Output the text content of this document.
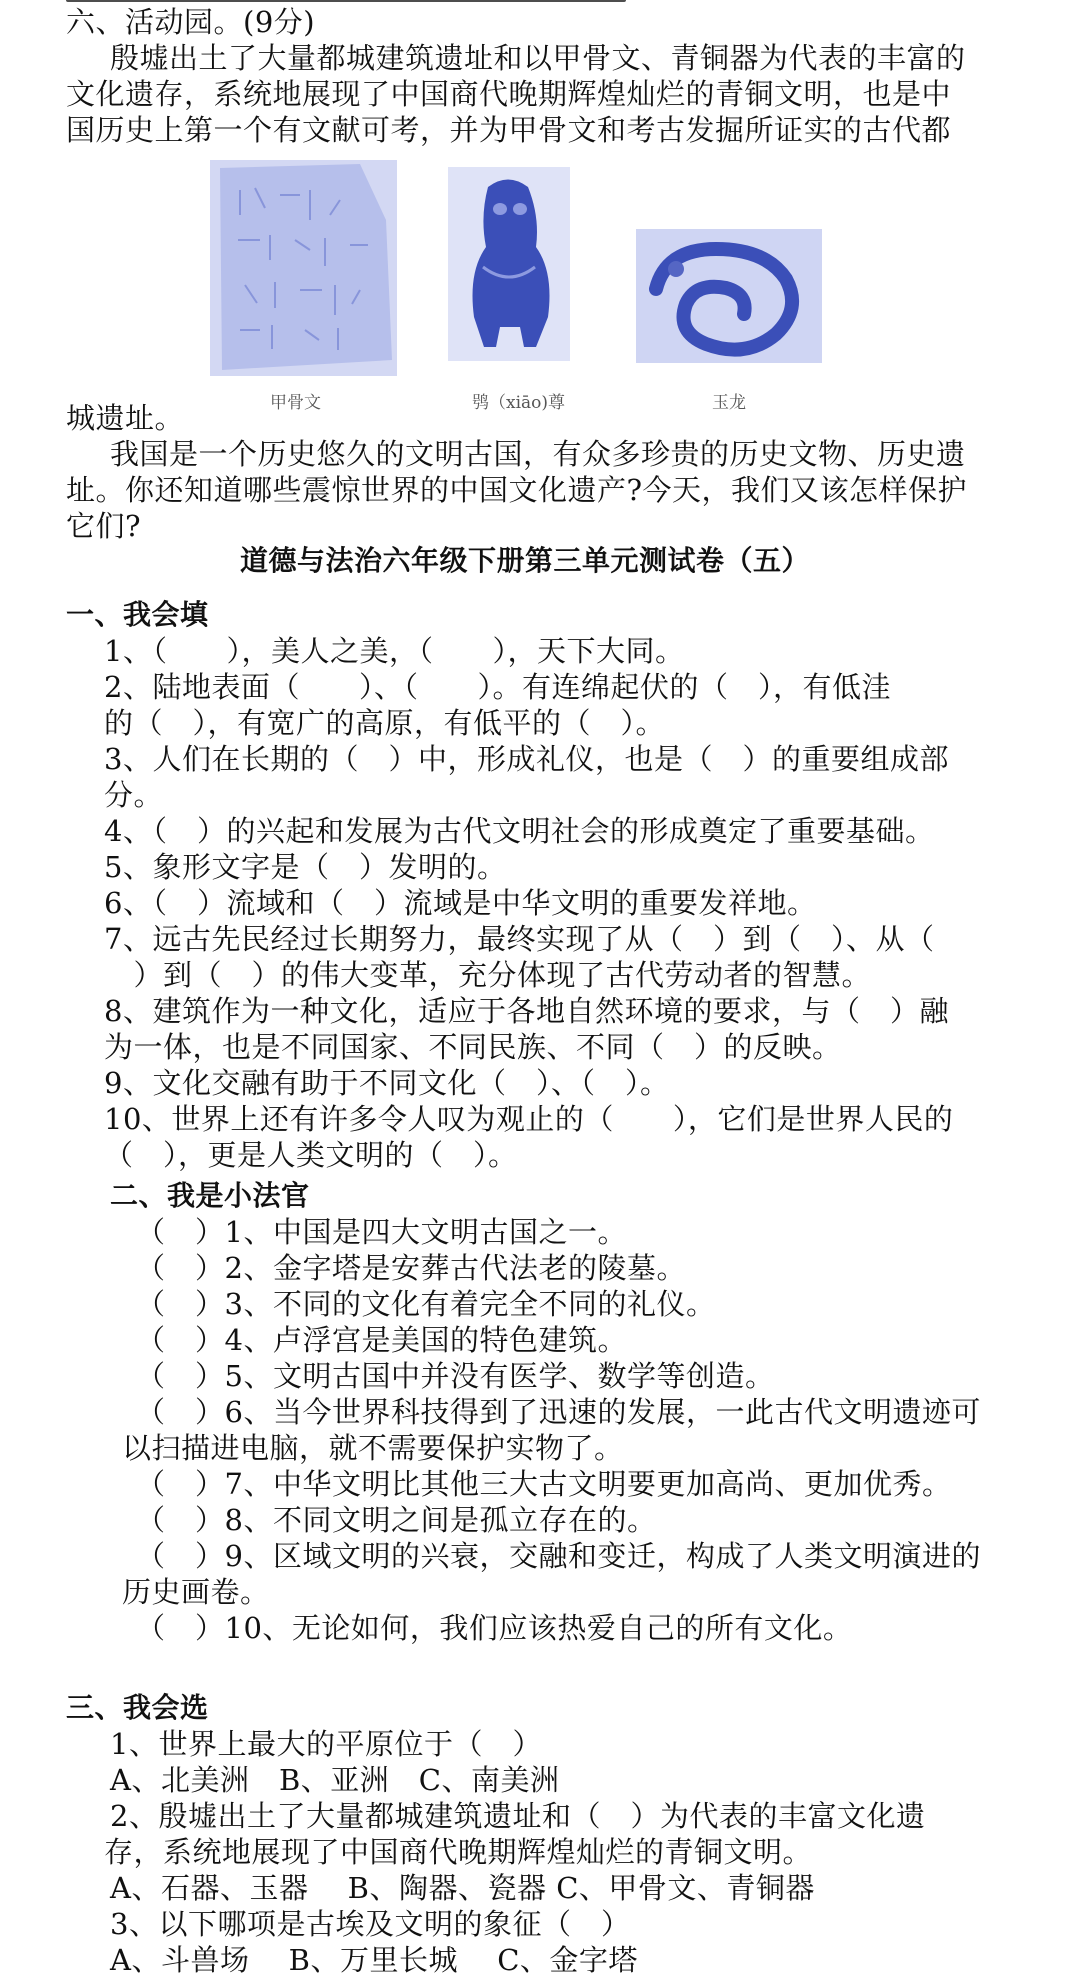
六、活动园。(9分)
殷墟出土了大量都城建筑遗址和以甲骨文、青铜器为代表的丰富的
文化遗存，系统地展现了中国商代晚期辉煌灿烂的青铜文明，也是中
国历史上第一个有文献可考，并为甲骨文和考古发掘所证实的古代都
甲骨文	鸮（xiāo)尊	玉龙
城遗址。
我国是一个历史悠久的文明古国，有众多珍贵的历史文物、历史遗
址。你还知道哪些震惊世界的中国文化遗产?今天，我们又该怎样保护
它们?
道德与法治六年级下册第三单元测试卷（五）
一、我会填
1、（　　），美人之美，（　　），天下大同。
2、陆地表面（　　）、（　　）。有连绵起伏的（　），有低洼
的（　），有宽广的高原，有低平的（　）。
3、人们在长期的（　）中，形成礼仪，也是（　）的重要组成部
分。
4、（　）的兴起和发展为古代文明社会的形成奠定了重要基础。
5、象形文字是（　）发明的。
6、（　）流域和（　）流域是中华文明的重要发祥地。
7、远古先民经过长期努力，最终实现了从（　）到（　）、从（
　）到（　）的伟大变革，充分体现了古代劳动者的智慧。
8、建筑作为一种文化，适应于各地自然环境的要求，与（　）融
为一体，也是不同国家、不同民族、不同（　）的反映。
9、文化交融有助于不同文化（　）、（　）。
10、世界上还有许多令人叹为观止的（　　），它们是世界人民的
（　），更是人类文明的（　）。
二、我是小法官
（　）1、中国是四大文明古国之一。
（　）2、金字塔是安葬古代法老的陵墓。
（　）3、不同的文化有着完全不同的礼仪。
（　）4、卢浮宫是美国的特色建筑。
（　）5、文明古国中并没有医学、数学等创造。
（　）6、当今世界科技得到了迅速的发展，一此古代文明遗迹可
以扫描进电脑，就不需要保护实物了。
（　）7、中华文明比其他三大古文明要更加高尚、更加优秀。
（　）8、不同文明之间是孤立存在的。
（　）9、区域文明的兴衰，交融和变迁，构成了人类文明演进的
历史画卷。
（　）10、无论如何，我们应该热爱自己的所有文化。
三、我会选
1、世界上最大的平原位于（　）
A、北美洲　B、亚洲　C、南美洲
2、殷墟出土了大量都城建筑遗址和（　）为代表的丰富文化遗
存，系统地展现了中国商代晚期辉煌灿烂的青铜文明。
A、石器、玉器　 B、陶器、瓷器 C、甲骨文、青铜器
3、以下哪项是古埃及文明的象征（　）
A、斗兽场　 B、万里长城　 C、金字塔
